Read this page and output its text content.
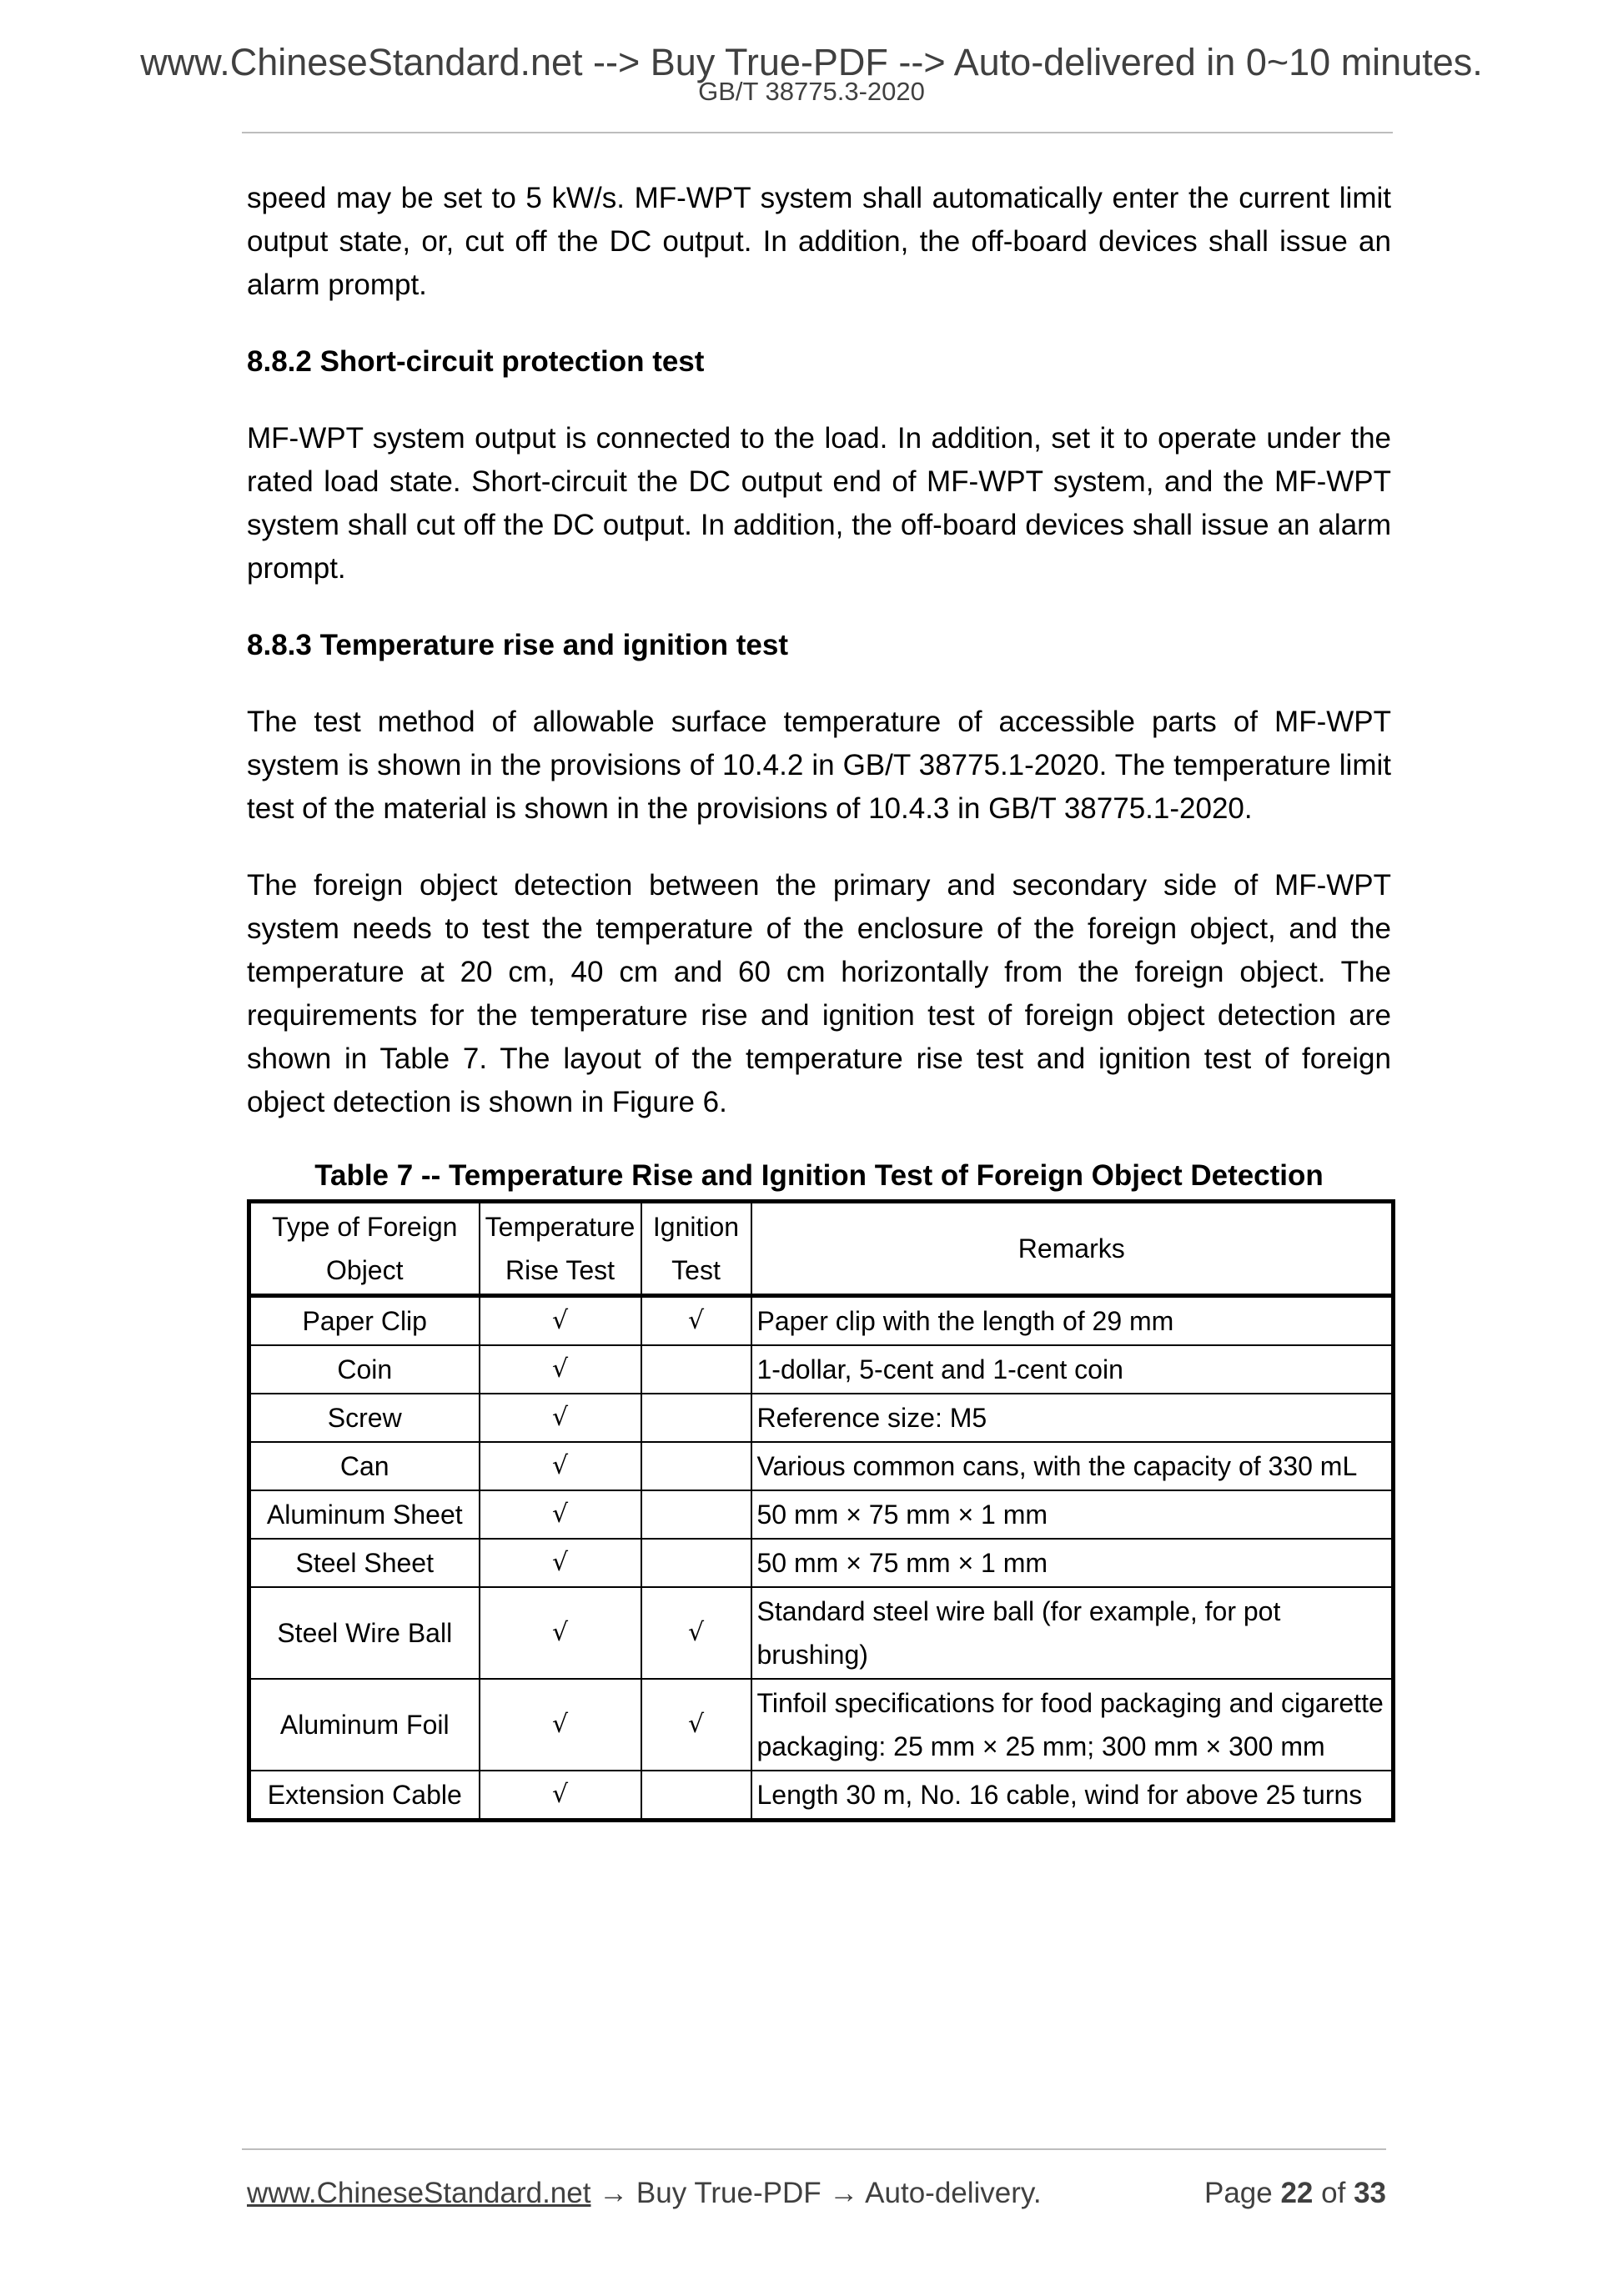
www.ChineseStandard.net --> Buy True-PDF --> Auto-delivered in 0~10 minutes.
GB/T 38775.3-2020

speed may be set to 5 kW/s. MF-WPT system shall automatically enter the current limit output state, or, cut off the DC output. In addition, the off-board devices shall issue an alarm prompt.

8.8.2 Short-circuit protection test

MF-WPT system output is connected to the load. In addition, set it to operate under the rated load state. Short-circuit the DC output end of MF-WPT system, and the MF-WPT system shall cut off the DC output. In addition, the off-board devices shall issue an alarm prompt.

8.8.3 Temperature rise and ignition test

The test method of allowable surface temperature of accessible parts of MF-WPT system is shown in the provisions of 10.4.2 in GB/T 38775.1-2020. The temperature limit test of the material is shown in the provisions of 10.4.3 in GB/T 38775.1-2020.

The foreign object detection between the primary and secondary side of MF-WPT system needs to test the temperature of the enclosure of the foreign object, and the temperature at 20 cm, 40 cm and 60 cm horizontally from the foreign object. The requirements for the temperature rise and ignition test of foreign object detection are shown in Table 7. The layout of the temperature rise test and ignition test of foreign object detection is shown in Figure 6.

Table 7 -- Temperature Rise and Ignition Test of Foreign Object Detection
Type of Foreign Object	Temperature Rise Test	Ignition Test	Remarks
Paper Clip	√	√	Paper clip with the length of 29 mm
Coin	√		1-dollar, 5-cent and 1-cent coin
Screw	√		Reference size: M5
Can	√		Various common cans, with the capacity of 330 mL
Aluminum Sheet	√		50 mm × 75 mm × 1 mm
Steel Sheet	√		50 mm × 75 mm × 1 mm
Steel Wire Ball	√	√	Standard steel wire ball (for example, for pot brushing)
Aluminum Foil	√	√	Tinfoil specifications for food packaging and cigarette packaging: 25 mm × 25 mm; 300 mm × 300 mm
Extension Cable	√		Length 30 m, No. 16 cable, wind for above 25 turns
www.ChineseStandard.net → Buy True-PDF → Auto-delivery.	Page 22 of 33
